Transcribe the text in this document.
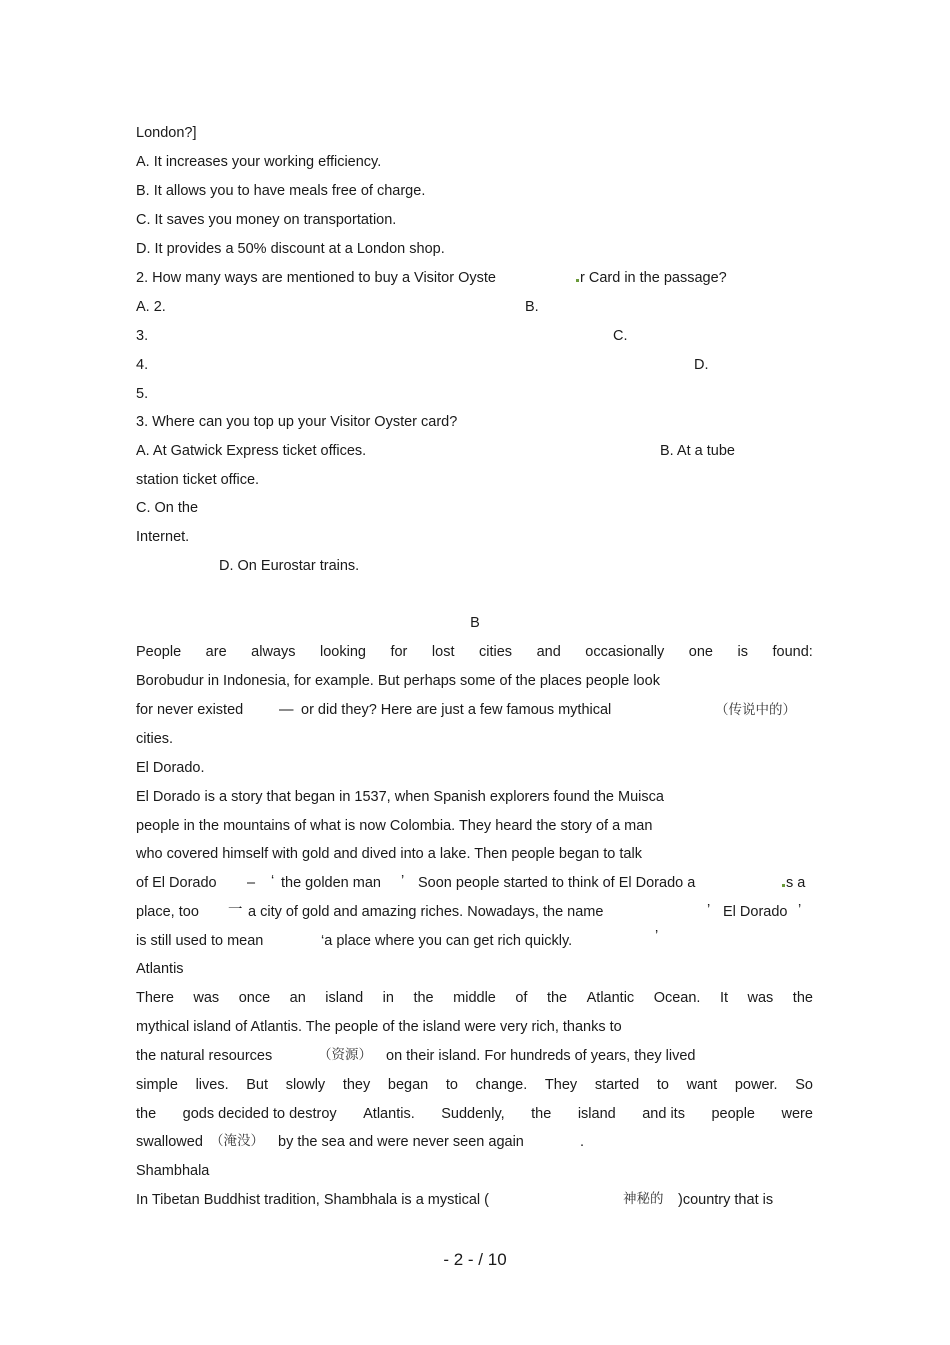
London?]
A. It increases your working efficiency.
B. It allows you to have meals free of charge.
C. It saves you money on transportation.
D. It provides a 50% discount at a London shop.
2. How many ways are mentioned to buy a Visitor Oyste	r Card in the passage?
A. 2.	B.
3.	C.
4.	D.
5.
3. Where can you top up your Visitor Oyster card?
A. At Gatwick Express ticket offices.	B. At a tube
station ticket office.
C. On the
Internet.
D. On Eurostar trains.
B
People are always looking for lost cities and occasionally one is found:
Borobudur in Indonesia, for example. But perhaps some of the places people look
for never existed — or did they? Here are just a few famous mythical	（传说中的）
cities.
El Dorado.
El Dorado is a story that began in 1537, when Spanish explorers found the Muisca
people in the mountains of what is now Colombia. They heard the story of a man
who covered himself with gold and dived into a lake. Then people began to talk
of El Dorado – ‘ the golden man ’ Soon people started to think of El Dorado a	s a
place, too 一 a city of gold and amazing riches. Nowadays, the name	’ El Dorado ’
is still used to mean	‘a place where you can get rich quickly.	’
Atlantis
There was once an island in the middle of the Atlantic Ocean. It was the
mythical island of Atlantis. The people of the island were very rich, thanks to
the natural resources	（资源） on their island. For hundreds of years, they lived
simple lives. But slowly they began to change. They started to want power. So
the gods decided to destroy Atlantis. Suddenly, the island and its people were
swallowed （淹没） by the sea and were never seen again	.
Shambhala
In Tibetan Buddhist tradition, Shambhala is a mystical (	神秘的 )country that is
- 2 - / 10
